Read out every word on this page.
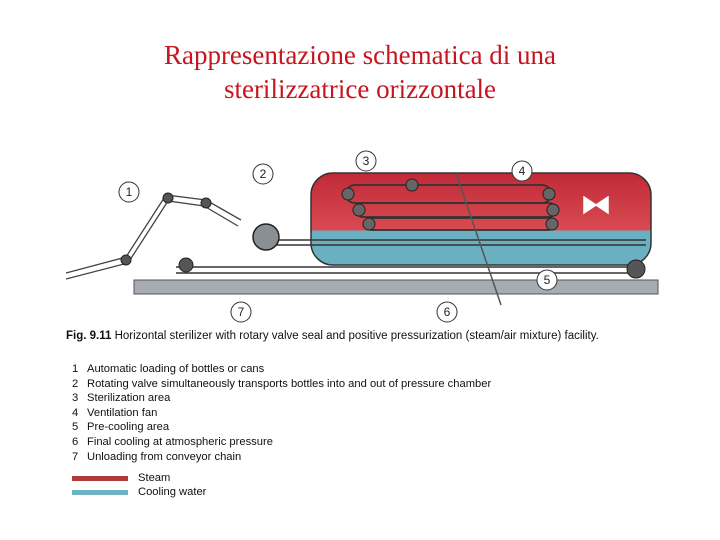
Rappresentazione schematica di una
sterilizzatrice orizzontale
1
2
3
4
5
6
7
Fig. 9.11 Horizontal sterilizer with rotary valve seal and positive pressurization (steam/air mixture) facility.
1 Automatic loading of bottles or cans
2 Rotating valve simultaneously transports bottles into and out of pressure chamber
3 Sterilization area
4 Ventilation fan
5 Pre-cooling area
6 Final cooling at atmospheric pressure
7 Unloading from conveyor chain
Steam
Cooling water
